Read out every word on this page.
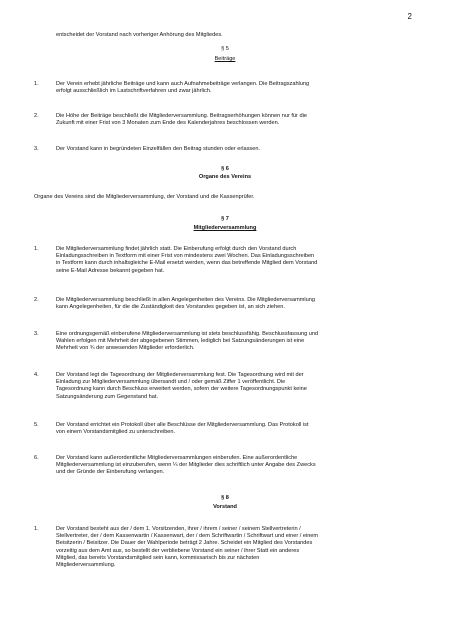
2
entscheidet der Vorstand nach vorheriger Anhörung des Mitgliedes.
§ 5
Beiträge
1.	Der Verein erhebt jährliche Beiträge und kann auch Aufnahmebeiträge verlangen. Die Beitragszahlung
erfolgt ausschließlich im Lastschriftverfahren und zwar jährlich.
2.	Die Höhe der Beiträge beschließt die Mitgliederversammlung. Beitragserhöhungen können nur für die
Zukunft mit einer Frist von 3 Monaten zum Ende des Kalenderjahres beschlossen werden.
3.	Der Vorstand kann in begründeten Einzelfällen den Beitrag stunden oder erlassen.
§ 6
Organe des Vereins
Organe des Vereins sind die Mitgliederversammlung, der Vorstand und die Kassenprüfer.
§ 7
Mitgliederversammlung
1.	Die Mitgliederversammlung findet jährlich statt. Die Einberufung erfolgt durch den Vorstand durch
Einladungsschreiben in Textform mit einer Frist von mindestens zwei Wochen. Das Einladungsschreiben
in Textform kann durch inhaltsgleiche E-Mail ersetzt werden, wenn das betreffende Mitglied dem Vorstand
seine E-Mail Adresse bekannt gegeben hat.
2.	Die Mitgliederversammlung beschließt in allen Angelegenheiten des Vereins. Die Mitgliederversammlung
kann Angelegenheiten, für die die Zuständigkeit des Vorstandes gegeben ist, an sich ziehen.
3.	Eine ordnungsgemäß einberufene Mitgliederversammlung ist stets beschlussfähig. Beschlussfassung und
Wahlen erfolgen mit Mehrheit der abgegebenen Stimmen, lediglich bei Satzungsänderungen ist eine
Mehrheit von ¾ der anwesenden Mitglieder erforderlich.
4.	Der Vorstand legt die Tagesordnung der Mitgliederversammlung fest. Die Tagesordnung wird mit der
Einladung zur Mitgliederversammlung übersandt und / oder gemäß Ziffer 1 veröffentlicht. Die
Tagesordnung kann durch Beschluss erweitert werden, sofern der weitere Tagesordnungspunkt keine
Satzungsänderung zum Gegenstand hat.
5.	Der Vorstand errichtet ein Protokoll über alle Beschlüsse der Mitgliederversammlung. Das Protokoll ist
von einem Vorstandsmitglied zu unterschreiben.
6.	Der Vorstand kann außerordentliche Mitgliederversammlungen einberufen. Eine außerordentliche
Mitgliederversammlung ist einzuberufen, wenn ¼ der Mitglieder dies schriftlich unter Angabe des Zwecks
und der Gründe der Einberufung verlangen.
§ 8
Vorstand
1.	Der Vorstand besteht aus der / dem 1. Vorsitzenden, ihrer / ihrem / seiner / seinem Stellvertreterin /
Stellvertreter, der / dem Kassenwartin / Kassenwart, der / dem Schriftwartin / Schriftwart und einer / einem
Beisitzerin / Beisitzer. Die Dauer der Wahlperiode beträgt 2 Jahre. Scheidet ein Mitglied des Vorstandes
vorzeitig aus dem Amt aus, so bestellt der verbliebene Vorstand ein seiner / ihrer Statt ein anderes
Mitglied, das bereits Vorstandsmitglied sein kann, kommissarisch bis zur nächsten
Mitgliederversammlung.
